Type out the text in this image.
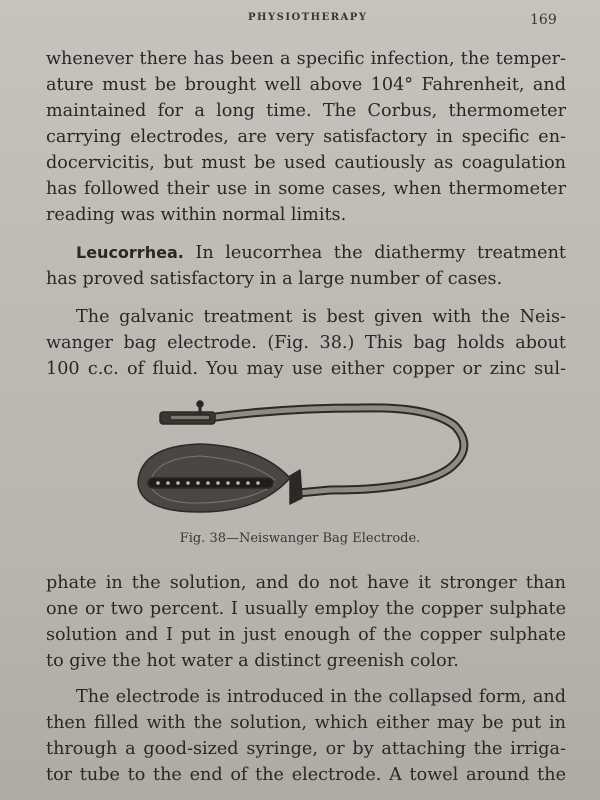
PHYSIOTHERAPY	169
whenever there has been a specific infection, the temper-
ature must be brought well above 104° Fahrenheit, and
maintained for a long time. The Corbus, thermometer
carrying electrodes, are very satisfactory in specific en-
docervicitis, but must be used cautiously as coagulation
has followed their use in some cases, when thermometer
reading was within normal limits.
Leucorrhea. In leucorrhea the diathermy treatment
has proved satisfactory in a large number of cases.
The galvanic treatment is best given with the Neis-
wanger bag electrode. (Fig. 38.) This bag holds about
100 c.c. of fluid. You may use either copper or zinc sul-
Fig. 38—Neiswanger Bag Electrode.
phate in the solution, and do not have it stronger than
one or two percent. I usually employ the copper sulphate
solution and I put in just enough of the copper sulphate
to give the hot water a distinct greenish color.
The electrode is introduced in the collapsed form, and
then filled with the solution, which either may be put in
through a good-sized syringe, or by attaching the irriga-
tor tube to the end of the electrode. A towel around the
